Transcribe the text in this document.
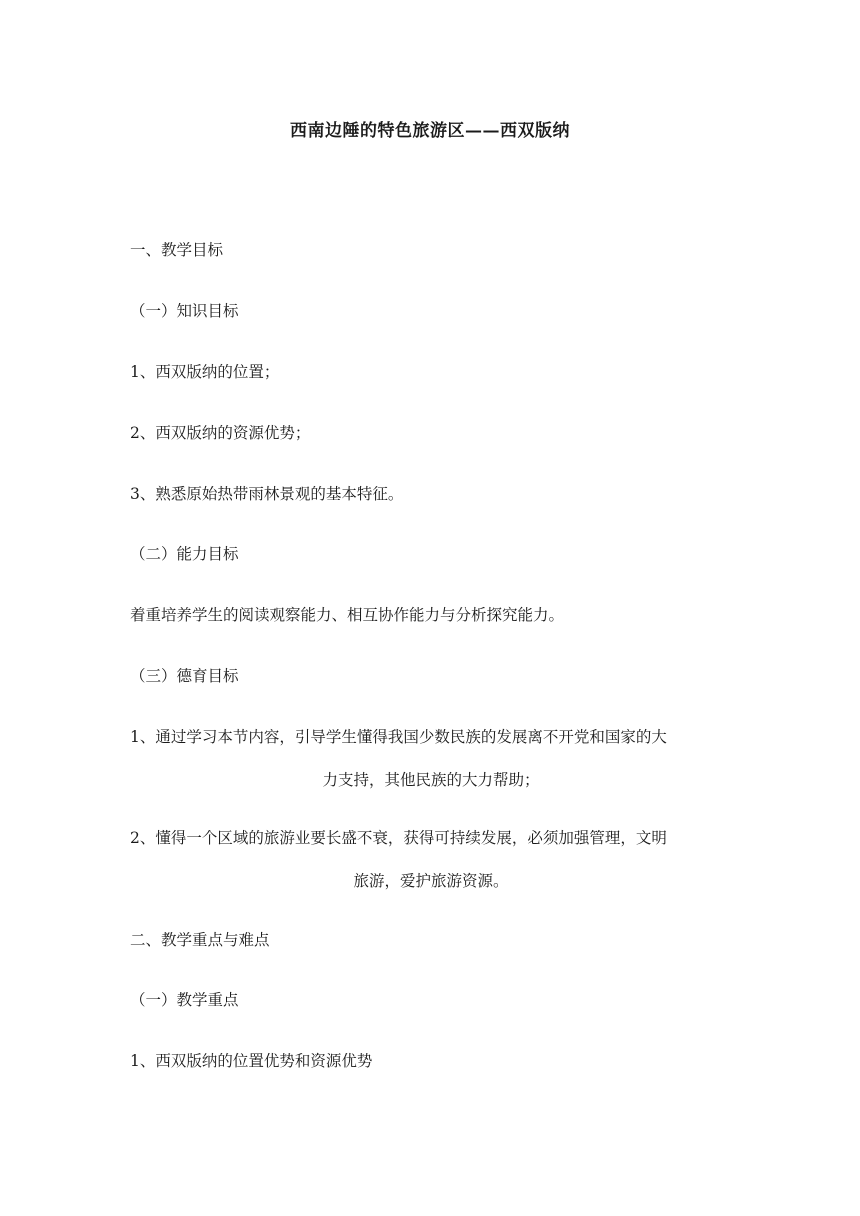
西南边陲的特色旅游区——西双版纳
一、教学目标
（一）知识目标
1、西双版纳的位置；
2、西双版纳的资源优势；
3、熟悉原始热带雨林景观的基本特征。
（二）能力目标
着重培养学生的阅读观察能力、相互协作能力与分析探究能力。
（三）德育目标
1、通过学习本节内容，引导学生懂得我国少数民族的发展离不开党和国家的大
力支持，其他民族的大力帮助；
2、懂得一个区域的旅游业要长盛不衰，获得可持续发展，必须加强管理，文明
旅游，爱护旅游资源。
二、教学重点与难点
（一）教学重点
1、西双版纳的位置优势和资源优势
